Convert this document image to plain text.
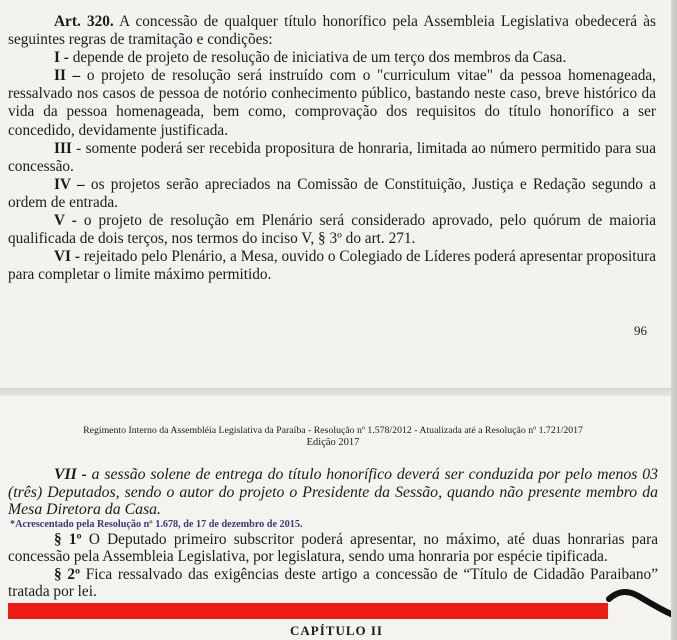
Art. 320. A concessão de qualquer título honorífico pela Assembleia Legislativa obedecerá às seguintes regras de tramitação e condições:

I - depende de projeto de resolução de iniciativa de um terço dos membros da Casa.

II – o projeto de resolução será instruído com o "curriculum vitae" da pessoa homenageada, ressalvado nos casos de pessoa de notório conhecimento público, bastando neste caso, breve histórico da vida da pessoa homenageada, bem como, comprovação dos requisitos do título honorífico a ser concedido, devidamente justificada.

III - somente poderá ser recebida propositura de honraria, limitada ao número permitido para sua concessão.

IV – os projetos serão apreciados na Comissão de Constituição, Justiça e Redação segundo a ordem de entrada.

V - o projeto de resolução em Plenário será considerado aprovado, pelo quórum de maioria qualificada de dois terços, nos termos do inciso V, § 3º do art. 271.

VI - rejeitado pelo Plenário, a Mesa, ouvido o Colegiado de Líderes poderá apresentar propositura para completar o limite máximo permitido.

96
Regimento Interno da Assembléia Legislativa da Paraíba - Resolução nº 1.578/2012 - Atualizada até a Resolução nº 1.721/2017
Edição 2017

VII - a sessão solene de entrega do título honorífico deverá ser conduzida por pelo menos 03 (três) Deputados, sendo o autor do projeto o Presidente da Sessão, quando não presente membro da Mesa Diretora da Casa.

*Acrescentado pela Resolução nº 1.678, de 17 de dezembro de 2015.

§ 1º O Deputado primeiro subscritor poderá apresentar, no máximo, até duas honrarias para concessão pela Assembleia Legislativa, por legislatura, sendo uma honraria por espécie tipificada.

§ 2º Fica ressalvado das exigências deste artigo a concessão de “Título de Cidadão Paraibano” tratada por lei.

CAPÍTULO II
